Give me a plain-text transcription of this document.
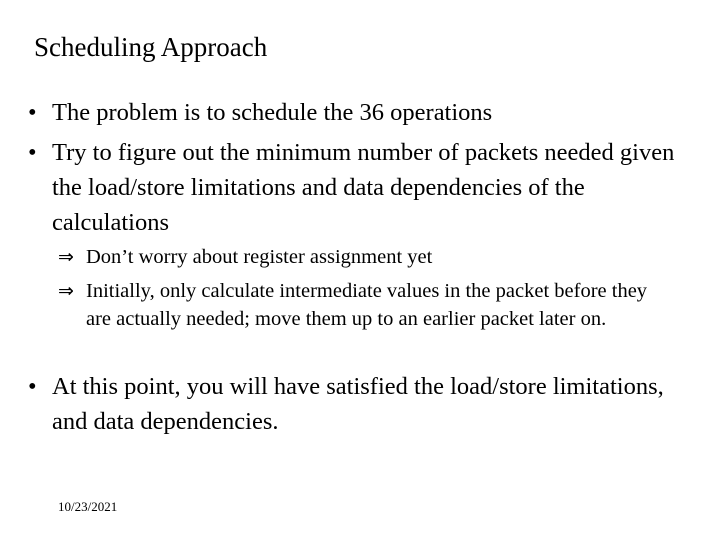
Scheduling Approach
• The problem is to schedule the 36 operations
• Try to figure out the minimum number of packets needed given the load/store limitations and data dependencies of the calculations
⇒ Don’t worry about register assignment yet
⇒ Initially, only calculate intermediate values in the packet before they are actually needed; move them up to an earlier packet later on.
• At this point, you will have satisfied the load/store limitations, and data dependencies.
10/23/2021
